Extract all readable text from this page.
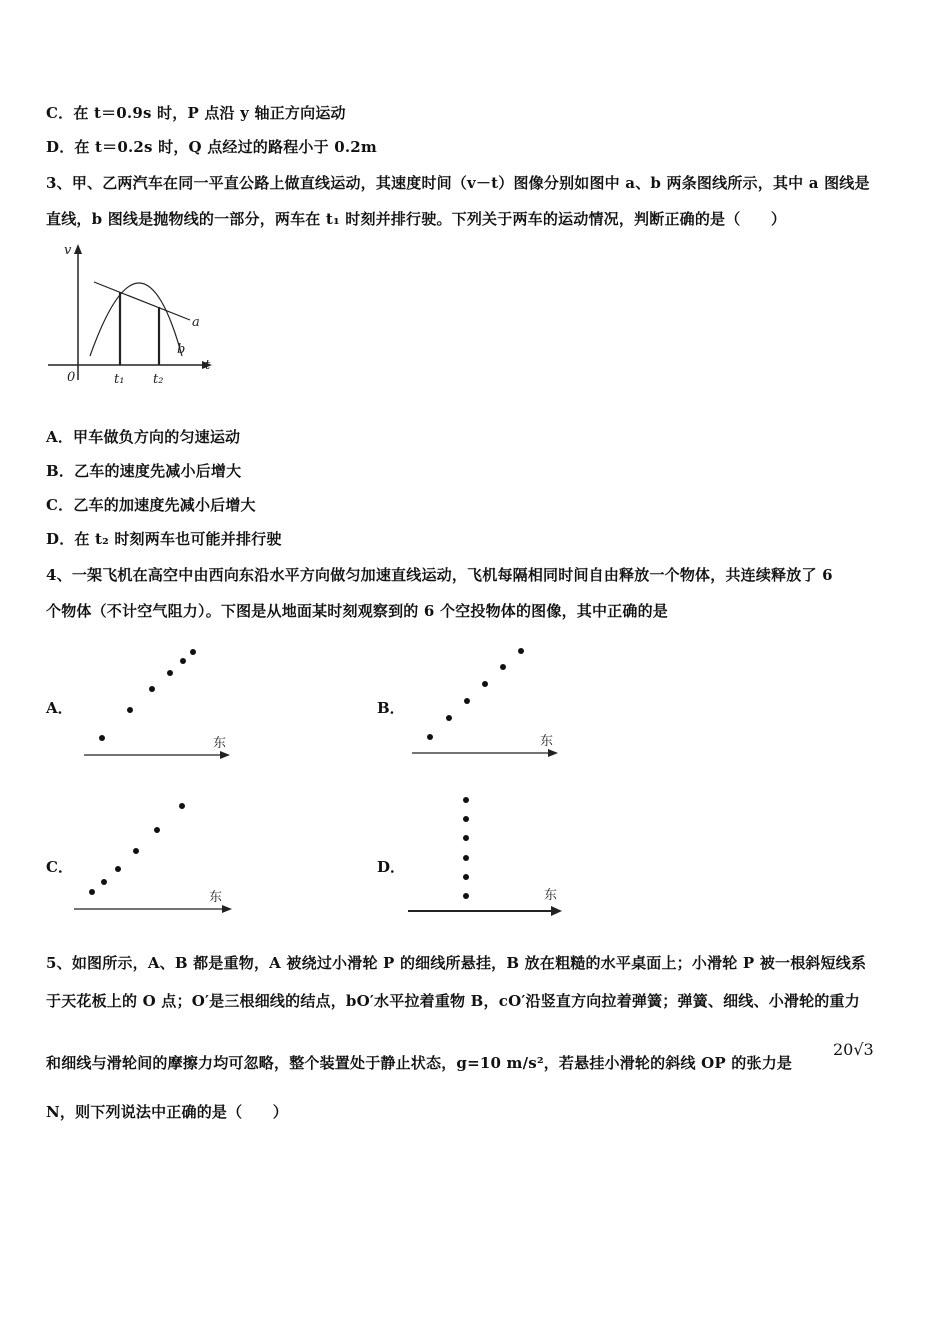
C．在 t＝0.9s 时，P 点沿 y 轴正方向运动
D．在 t＝0.2s 时，Q 点经过的路程小于 0.2m
3、甲、乙两汽车在同一平直公路上做直线运动，其速度时间（v－t）图像分别如图中 a、b 两条图线所示，其中 a 图线是
直线，b 图线是抛物线的一部分，两车在 t₁ 时刻并排行驶。下列关于两车的运动情况，判断正确的是（　　）
v
t
0
a
b
t₁ t₂
A．甲车做负方向的匀速运动
B．乙车的速度先减小后增大
C．乙车的加速度先减小后增大
D．在 t₂ 时刻两车也可能并排行驶
4、一架飞机在高空中由西向东沿水平方向做匀加速直线运动，飞机每隔相同时间自由释放一个物体，共连续释放了 6
个物体（不计空气阻力）。下图是从地面某时刻观察到的 6 个空投物体的图像，其中正确的是
A．
东
B．
东
C．
东
D．
东
5、如图所示，A、B 都是重物，A 被绕过小滑轮 P 的细线所悬挂，B 放在粗糙的水平桌面上；小滑轮 P 被一根斜短线系
于天花板上的 O 点；O′是三根细线的结点，bO′水平拉着重物 B，cO′沿竖直方向拉着弹簧；弹簧、细线、小滑轮的重力
和细线与滑轮间的摩擦力均可忽略，整个装置处于静止状态，g=10 m/s²，若悬挂小滑轮的斜线 OP 的张力是
20√3
N，则下列说法中正确的是（　　）
